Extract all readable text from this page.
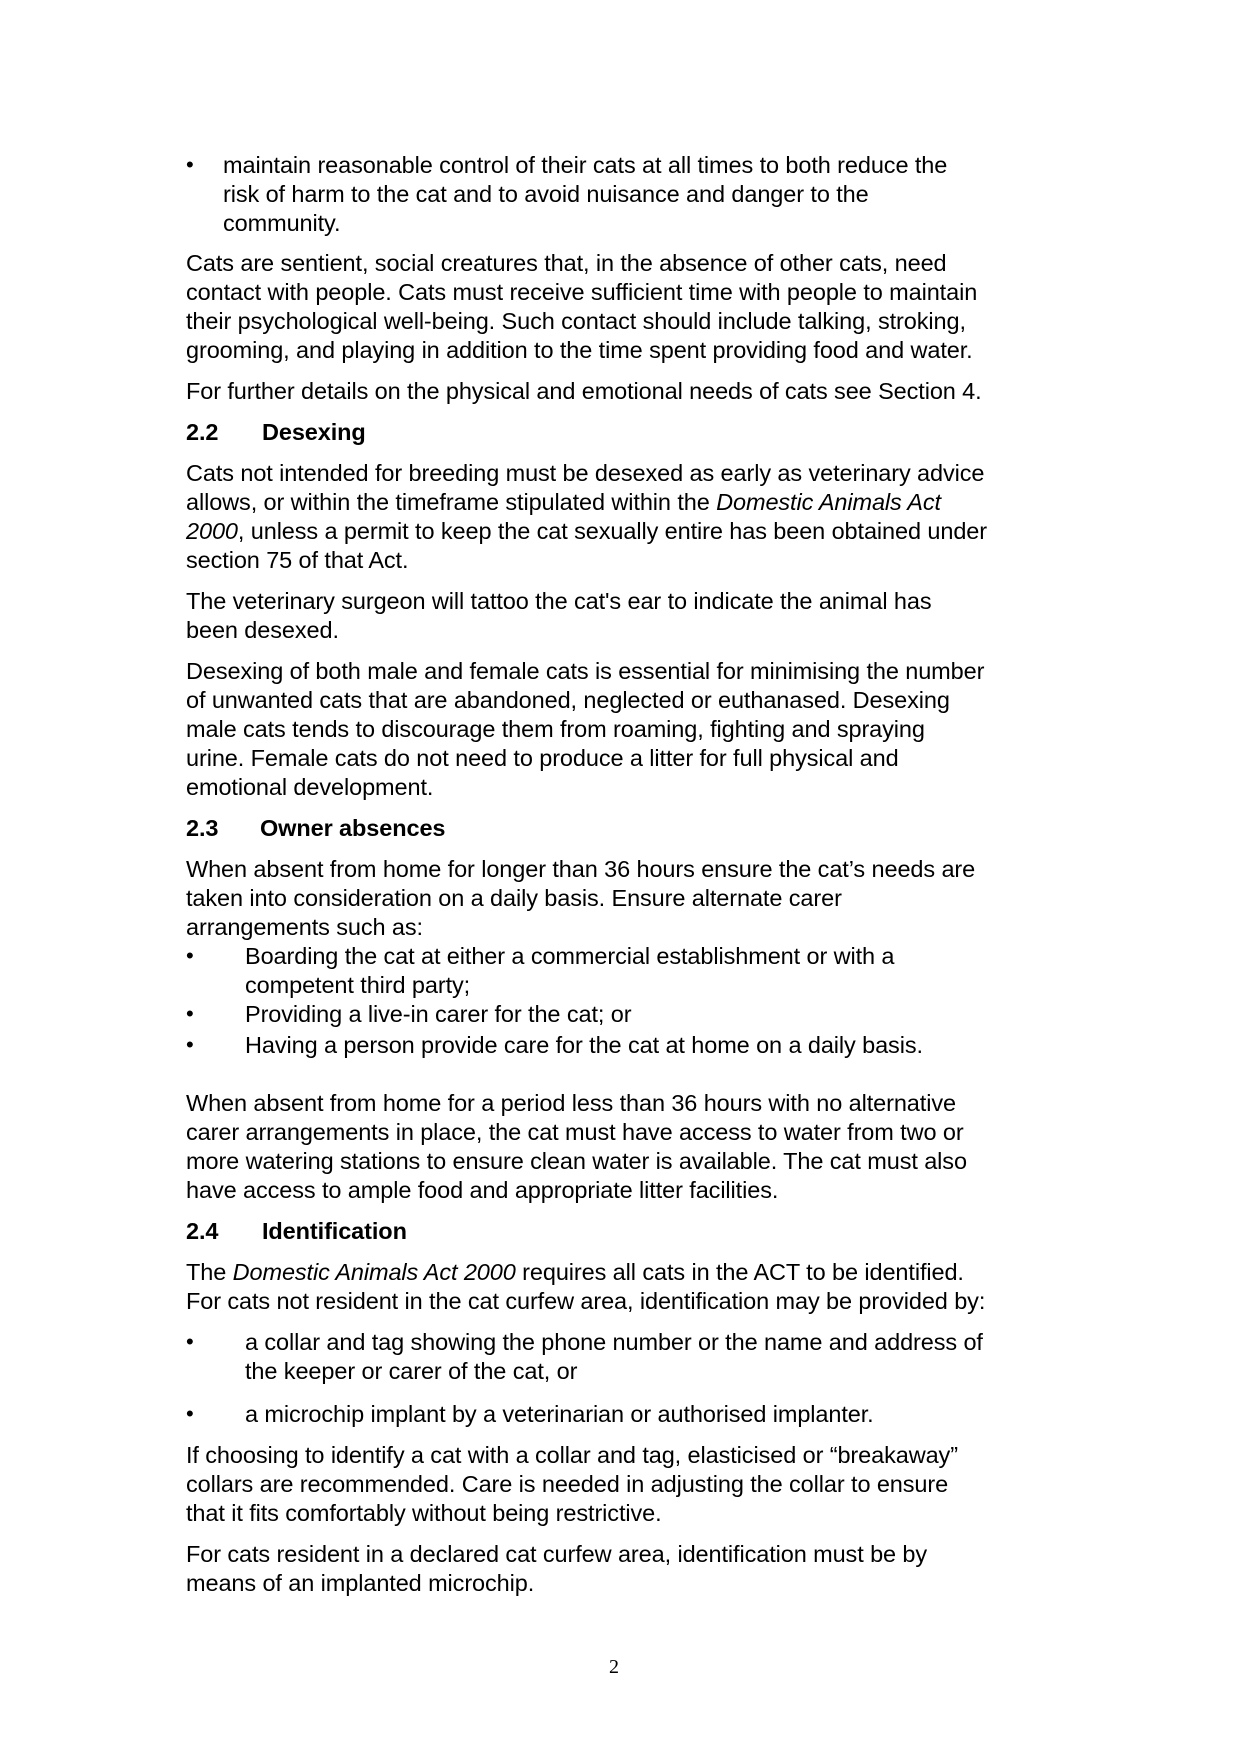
• maintain reasonable control of their cats at all times to both reduce the
risk of harm to the cat and to avoid nuisance and danger to the
community.
Cats are sentient, social creatures that, in the absence of other cats, need
contact with people. Cats must receive sufficient time with people to maintain
their psychological well-being. Such contact should include talking, stroking,
grooming, and playing in addition to the time spent providing food and water.
For further details on the physical and emotional needs of cats see Section 4.
2.2 Desexing
Cats not intended for breeding must be desexed as early as veterinary advice
allows, or within the timeframe stipulated within the Domestic Animals Act
2000, unless a permit to keep the cat sexually entire has been obtained under
section 75 of that Act.
The veterinary surgeon will tattoo the cat's ear to indicate the animal has
been desexed.
Desexing of both male and female cats is essential for minimising the number
of unwanted cats that are abandoned, neglected or euthanased. Desexing
male cats tends to discourage them from roaming, fighting and spraying
urine. Female cats do not need to produce a litter for full physical and
emotional development.
2.3 Owner absences
When absent from home for longer than 36 hours ensure the cat’s needs are
taken into consideration on a daily basis. Ensure alternate carer
arrangements such as:
• Boarding the cat at either a commercial establishment or with a
competent third party;
• Providing a live-in carer for the cat; or
• Having a person provide care for the cat at home on a daily basis.
When absent from home for a period less than 36 hours with no alternative
carer arrangements in place, the cat must have access to water from two or
more watering stations to ensure clean water is available. The cat must also
have access to ample food and appropriate litter facilities.
2.4 Identification
The Domestic Animals Act 2000 requires all cats in the ACT to be identified.
For cats not resident in the cat curfew area, identification may be provided by:
• a collar and tag showing the phone number or the name and address of
the keeper or carer of the cat, or
• a microchip implant by a veterinarian or authorised implanter.
If choosing to identify a cat with a collar and tag, elasticised or “breakaway”
collars are recommended. Care is needed in adjusting the collar to ensure
that it fits comfortably without being restrictive.
For cats resident in a declared cat curfew area, identification must be by
means of an implanted microchip.
2
